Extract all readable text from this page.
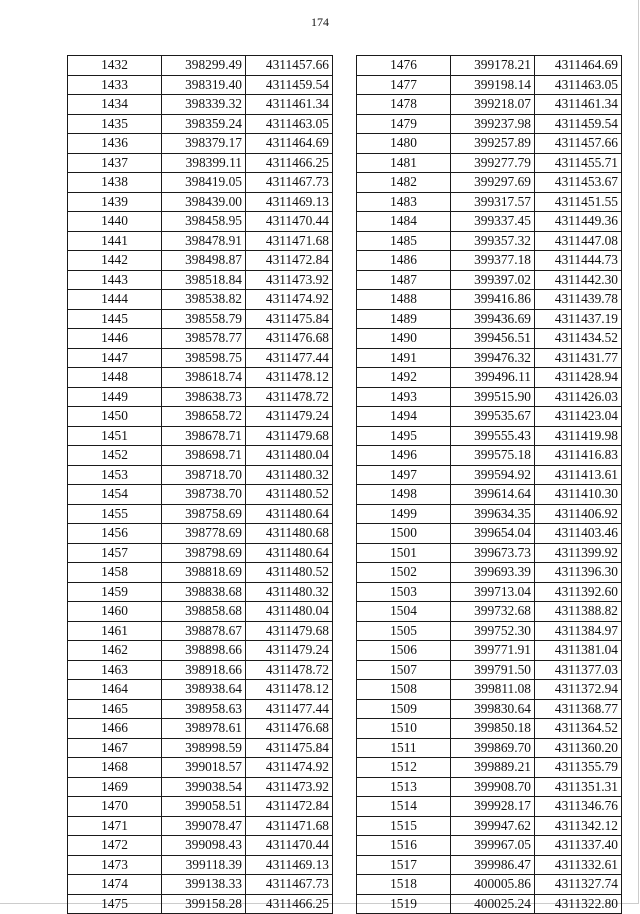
174
1432	398299.49	4311457.66
1433	398319.40	4311459.54
1434	398339.32	4311461.34
1435	398359.24	4311463.05
1436	398379.17	4311464.69
1437	398399.11	4311466.25
1438	398419.05	4311467.73
1439	398439.00	4311469.13
1440	398458.95	4311470.44
1441	398478.91	4311471.68
1442	398498.87	4311472.84
1443	398518.84	4311473.92
1444	398538.82	4311474.92
1445	398558.79	4311475.84
1446	398578.77	4311476.68
1447	398598.75	4311477.44
1448	398618.74	4311478.12
1449	398638.73	4311478.72
1450	398658.72	4311479.24
1451	398678.71	4311479.68
1452	398698.71	4311480.04
1453	398718.70	4311480.32
1454	398738.70	4311480.52
1455	398758.69	4311480.64
1456	398778.69	4311480.68
1457	398798.69	4311480.64
1458	398818.69	4311480.52
1459	398838.68	4311480.32
1460	398858.68	4311480.04
1461	398878.67	4311479.68
1462	398898.66	4311479.24
1463	398918.66	4311478.72
1464	398938.64	4311478.12
1465	398958.63	4311477.44
1466	398978.61	4311476.68
1467	398998.59	4311475.84
1468	399018.57	4311474.92
1469	399038.54	4311473.92
1470	399058.51	4311472.84
1471	399078.47	4311471.68
1472	399098.43	4311470.44
1473	399118.39	4311469.13
1474	399138.33	4311467.73
1475	399158.28	4311466.25
1476	399178.21	4311464.69
1477	399198.14	4311463.05
1478	399218.07	4311461.34
1479	399237.98	4311459.54
1480	399257.89	4311457.66
1481	399277.79	4311455.71
1482	399297.69	4311453.67
1483	399317.57	4311451.55
1484	399337.45	4311449.36
1485	399357.32	4311447.08
1486	399377.18	4311444.73
1487	399397.02	4311442.30
1488	399416.86	4311439.78
1489	399436.69	4311437.19
1490	399456.51	4311434.52
1491	399476.32	4311431.77
1492	399496.11	4311428.94
1493	399515.90	4311426.03
1494	399535.67	4311423.04
1495	399555.43	4311419.98
1496	399575.18	4311416.83
1497	399594.92	4311413.61
1498	399614.64	4311410.30
1499	399634.35	4311406.92
1500	399654.04	4311403.46
1501	399673.73	4311399.92
1502	399693.39	4311396.30
1503	399713.04	4311392.60
1504	399732.68	4311388.82
1505	399752.30	4311384.97
1506	399771.91	4311381.04
1507	399791.50	4311377.03
1508	399811.08	4311372.94
1509	399830.64	4311368.77
1510	399850.18	4311364.52
1511	399869.70	4311360.20
1512	399889.21	4311355.79
1513	399908.70	4311351.31
1514	399928.17	4311346.76
1515	399947.62	4311342.12
1516	399967.05	4311337.40
1517	399986.47	4311332.61
1518	400005.86	4311327.74
1519	400025.24	4311322.80
